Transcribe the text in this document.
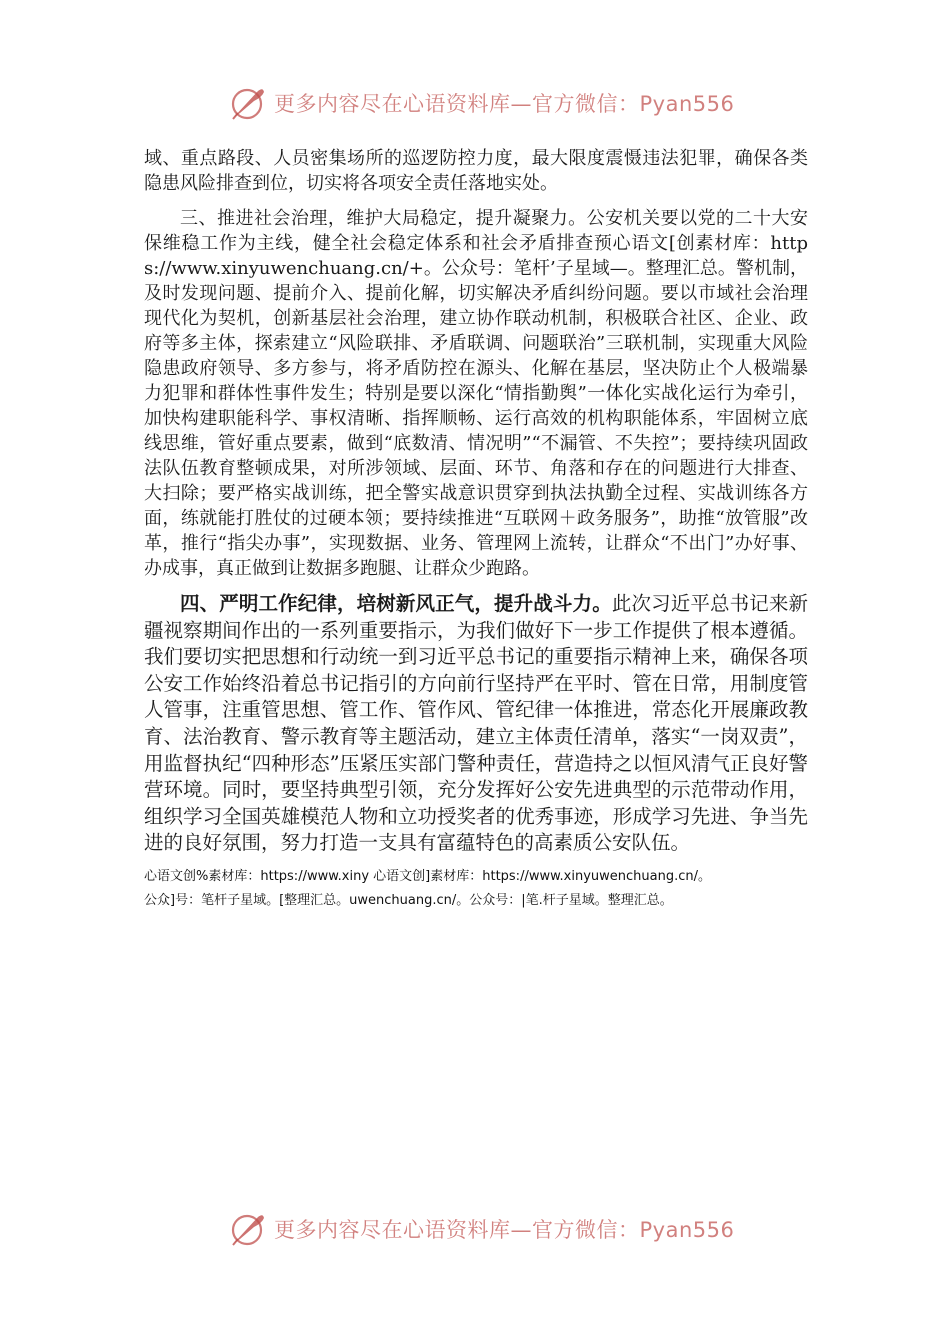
更多内容尽在心语资料库—官方微信：Pyan556

域、重点路段、人员密集场所的巡逻防控力度，最大限度震慑违法犯罪，确保各类隐患风险排查到位，切实将各项安全责任落地实处。

三、推进社会治理，维护大局稳定，提升凝聚力。公安机关要以党的二十大安保维稳工作为主线，健全社会稳定体系和社会矛盾排查预心语文[创素材库：https://www.xinyuwenchuang.cn/+。公众号：笔杆’子星域—。整理汇总。警机制，及时发现问题、提前介入、提前化解，切实解决矛盾纠纷问题。要以市域社会治理现代化为契机，创新基层社会治理，建立协作联动机制，积极联合社区、企业、政府等多主体，探索建立“风险联排、矛盾联调、问题联治”三联机制，实现重大风险隐患政府领导、多方参与，将矛盾防控在源头、化解在基层，坚决防止个人极端暴力犯罪和群体性事件发生；特别是要以深化“情指勤舆”一体化实战化运行为牵引，加快构建职能科学、事权清晰、指挥顺畅、运行高效的机构职能体系，牢固树立底线思维，管好重点要素，做到“底数清、情况明”“不漏管、不失控”；要持续巩固政法队伍教育整顿成果，对所涉领域、层面、环节、角落和存在的问题进行大排查、大扫除；要严格实战训练，把全警实战意识贯穿到执法执勤全过程、实战训练各方面，练就能打胜仗的过硬本领；要持续推进“互联网＋政务服务”，助推“放管服”改革，推行“指尖办事”，实现数据、业务、管理网上流转，让群众“不出门”办好事、办成事，真正做到让数据多跑腿、让群众少跑路。

四、严明工作纪律，培树新风正气，提升战斗力。此次习近平总书记来新疆视察期间作出的一系列重要指示，为我们做好下一步工作提供了根本遵循。我们要切实把思想和行动统一到习近平总书记的重要指示精神上来，确保各项公安工作始终沿着总书记指引的方向前行坚持严在平时、管在日常，用制度管人管事，注重管思想、管工作、管作风、管纪律一体推进，常态化开展廉政教育、法治教育、警示教育等主题活动，建立主体责任清单，落实“一岗双责”，用监督执纪“四种形态”压紧压实部门警种责任，营造持之以恒风清气正良好警营环境。同时，要坚持典型引领，充分发挥好公安先进典型的示范带动作用，组织学习全国英雄模范人物和立功授奖者的优秀事迹，形成学习先进、争当先进的良好氛围，努力打造一支具有富蕴特色的高素质公安队伍。

心语文创%素材库：https://www.xiny 心语文创]素材库：https://www.xinyuwenchuang.cn/。

公众]号：笔杆子星域。[整理汇总。uwenchuang.cn/。公众号：|笔.杆子星域。整理汇总。

更多内容尽在心语资料库—官方微信：Pyan556
